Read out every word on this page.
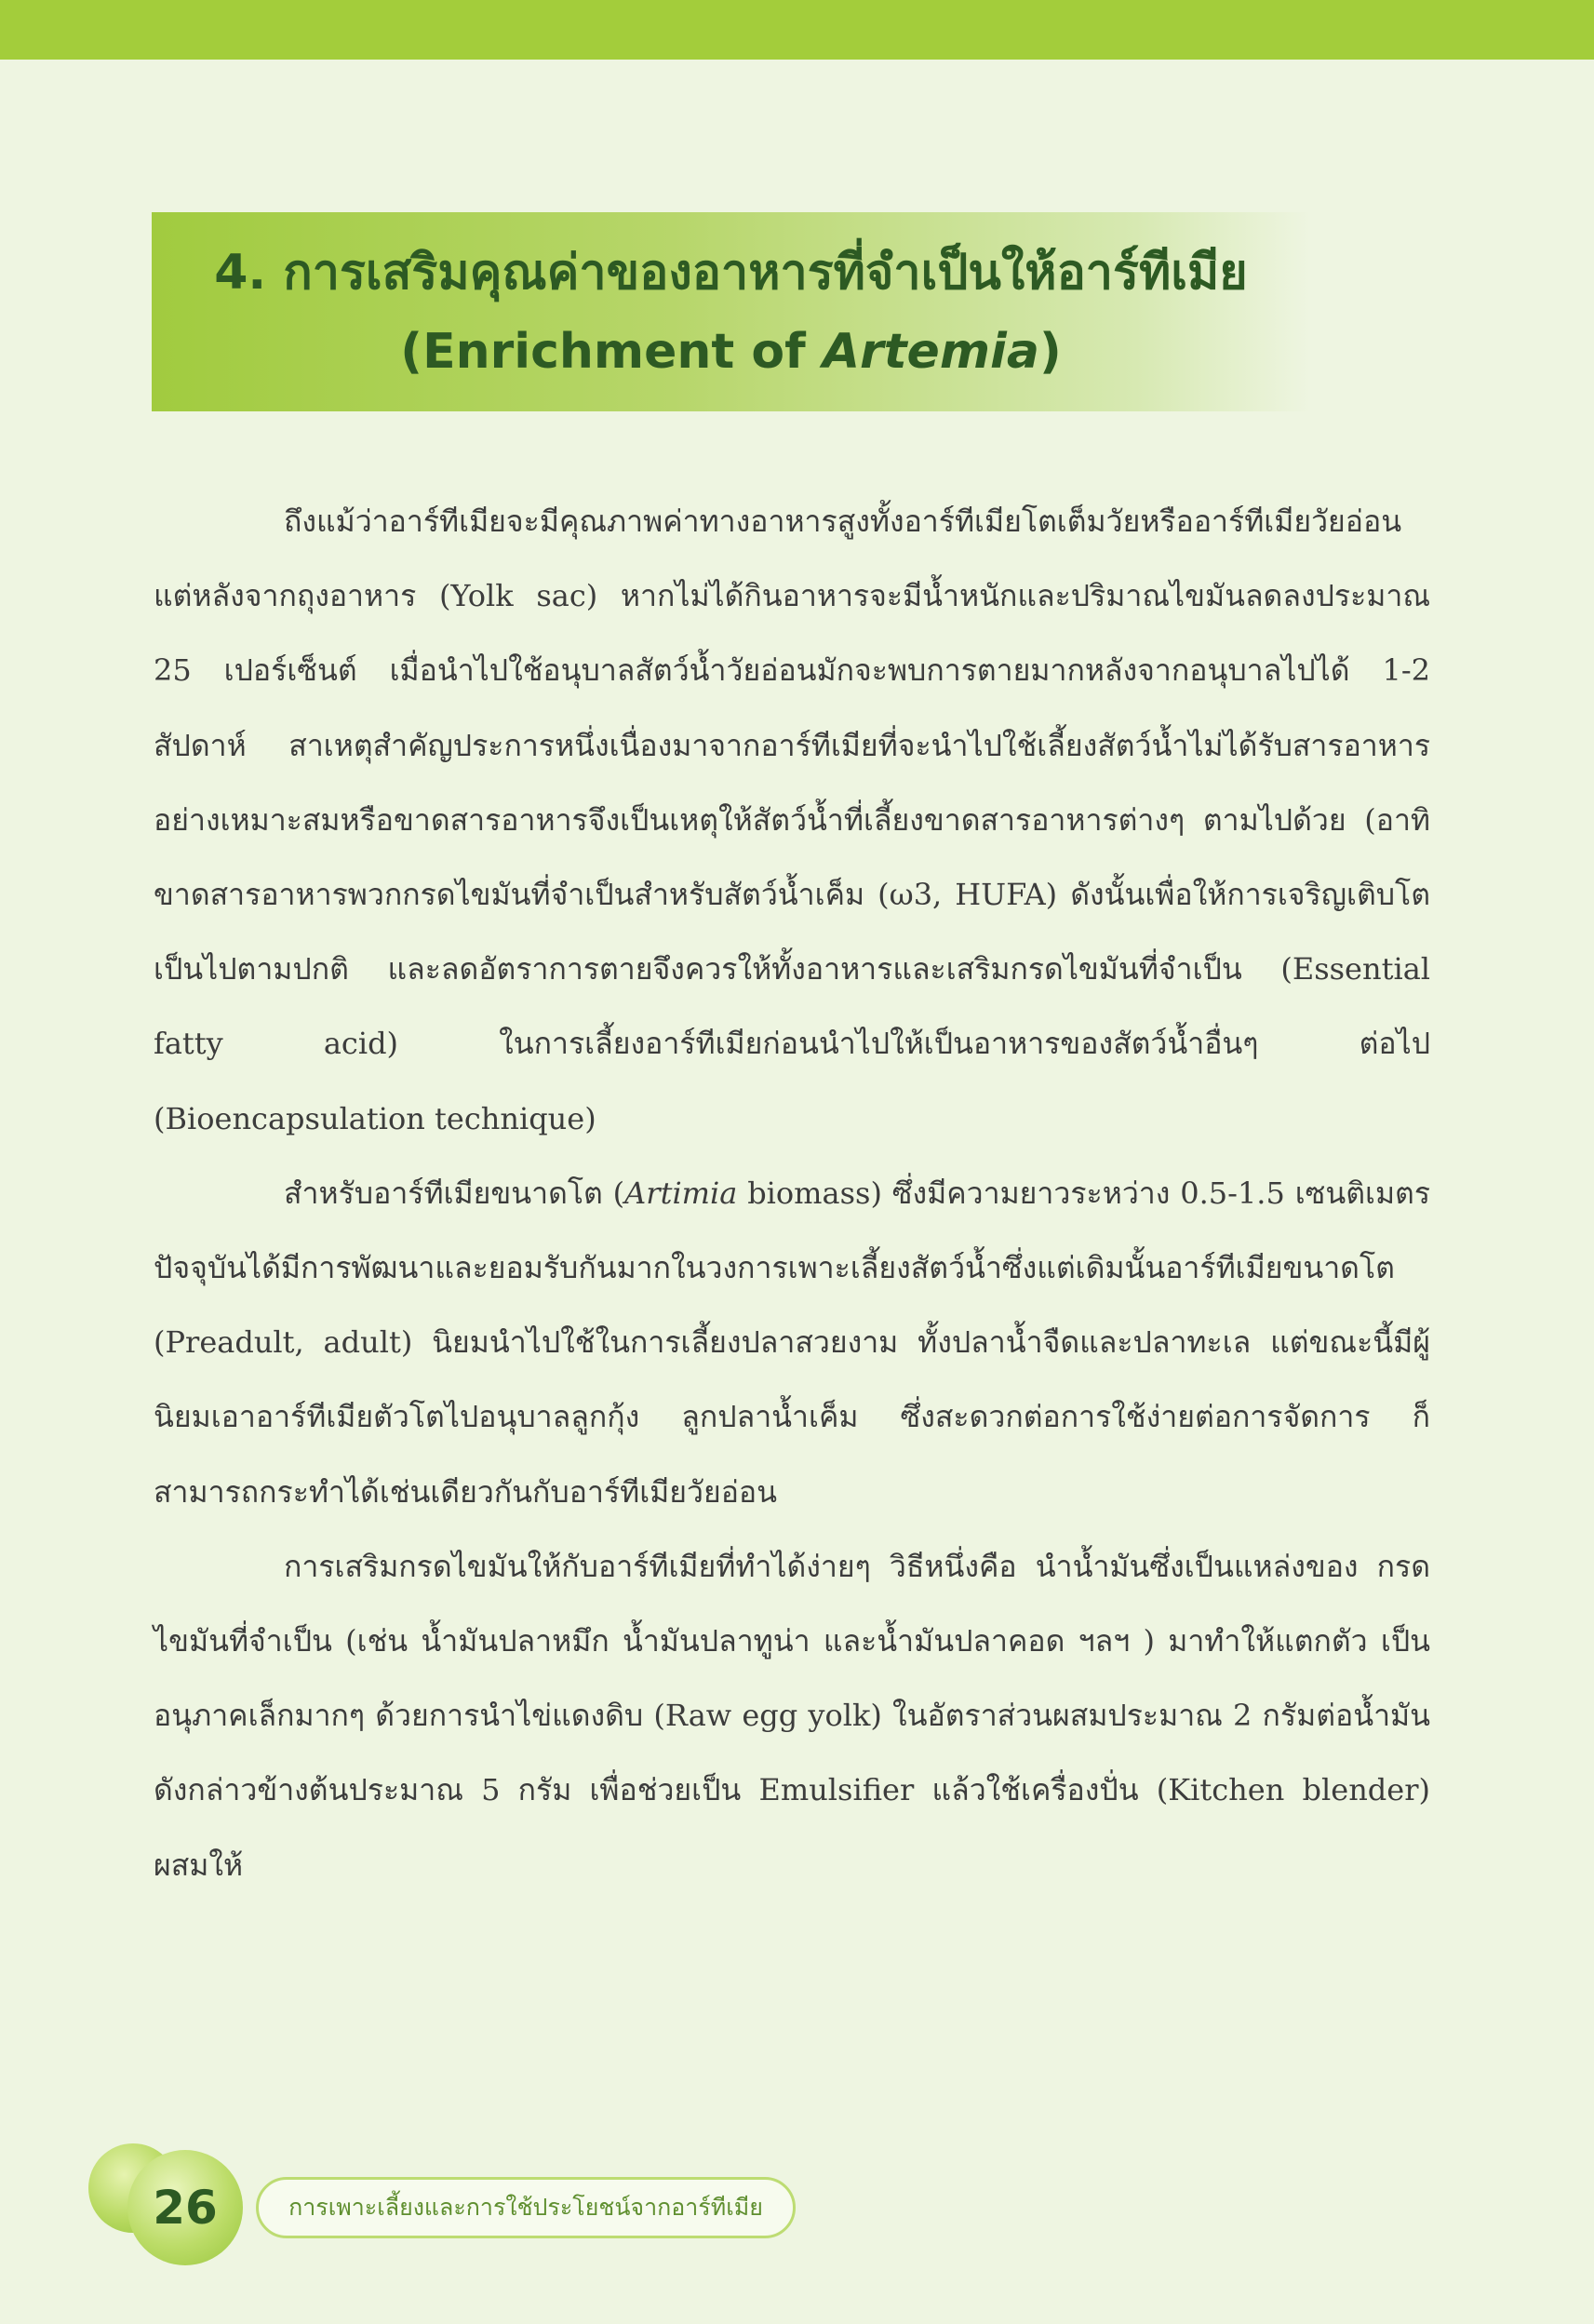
4. การเสริมคุณค่าของอาหารที่จำเป็นให้อาร์ทีเมีย
(Enrichment of Artemia)

ถึงแม้ว่าอาร์ทีเมียจะมีคุณภาพค่าทางอาหารสูงทั้งอาร์ทีเมียโตเต็มวัยหรืออาร์ทีเมียวัยอ่อนแต่หลังจากถุงอาหาร (Yolk sac) หากไม่ได้กินอาหารจะมีน้ำหนักและปริมาณไขมันลดลงประมาณ 25 เปอร์เซ็นต์ เมื่อนำไปใช้อนุบาลสัตว์น้ำวัยอ่อนมักจะพบการตายมากหลังจากอนุบาลไปได้ 1-2 สัปดาห์ สาเหตุสำคัญประการหนึ่งเนื่องมาจากอาร์ทีเมียที่จะนำไปใช้เลี้ยงสัตว์น้ำไม่ได้รับสารอาหารอย่างเหมาะสมหรือขาดสารอาหารจึงเป็นเหตุให้สัตว์น้ำที่เลี้ยงขาดสารอาหารต่างๆ ตามไปด้วย (อาทิ ขาดสารอาหารพวกกรดไขมันที่จำเป็นสำหรับสัตว์น้ำเค็ม (ω3, HUFA) ดังนั้นเพื่อให้การเจริญเติบโตเป็นไปตามปกติ และลดอัตราการตายจึงควรให้ทั้งอาหารและเสริมกรดไขมันที่จำเป็น (Essential fatty acid) ในการเลี้ยงอาร์ทีเมียก่อนนำไปให้เป็นอาหารของสัตว์น้ำอื่นๆ ต่อไป (Bioencapsulation technique)

สำหรับอาร์ทีเมียขนาดโต (Artimia biomass) ซึ่งมีความยาวระหว่าง 0.5-1.5 เซนติเมตร ปัจจุบันได้มีการพัฒนาและยอมรับกันมากในวงการเพาะเลี้ยงสัตว์น้ำซึ่งแต่เดิมนั้นอาร์ทีเมียขนาดโต (Preadult, adult) นิยมนำไปใช้ในการเลี้ยงปลาสวยงาม ทั้งปลาน้ำจืดและปลาทะเล แต่ขณะนี้มีผู้นิยมเอาอาร์ทีเมียตัวโตไปอนุบาลลูกกุ้ง ลูกปลาน้ำเค็ม ซึ่งสะดวกต่อการใช้ง่ายต่อการจัดการ ก็สามารถกระทำได้เช่นเดียวกันกับอาร์ทีเมียวัยอ่อน

การเสริมกรดไขมันให้กับอาร์ทีเมียที่ทำได้ง่ายๆ วิธีหนึ่งคือ นำน้ำมันซึ่งเป็นแหล่งของ กรดไขมันที่จำเป็น (เช่น น้ำมันปลาหมึก น้ำมันปลาทูน่า และน้ำมันปลาคอด ฯลฯ ) มาทำให้แตกตัว เป็นอนุภาคเล็กมากๆ ด้วยการนำไข่แดงดิบ (Raw egg yolk) ในอัตราส่วนผสมประมาณ 2 กรัมต่อน้ำมัน ดังกล่าวข้างต้นประมาณ 5 กรัม เพื่อช่วยเป็น Emulsifier แล้วใช้เครื่องปั่น (Kitchen blender) ผสมให้

26	การเพาะเลี้ยงและการใช้ประโยชน์จากอาร์ทีเมีย
